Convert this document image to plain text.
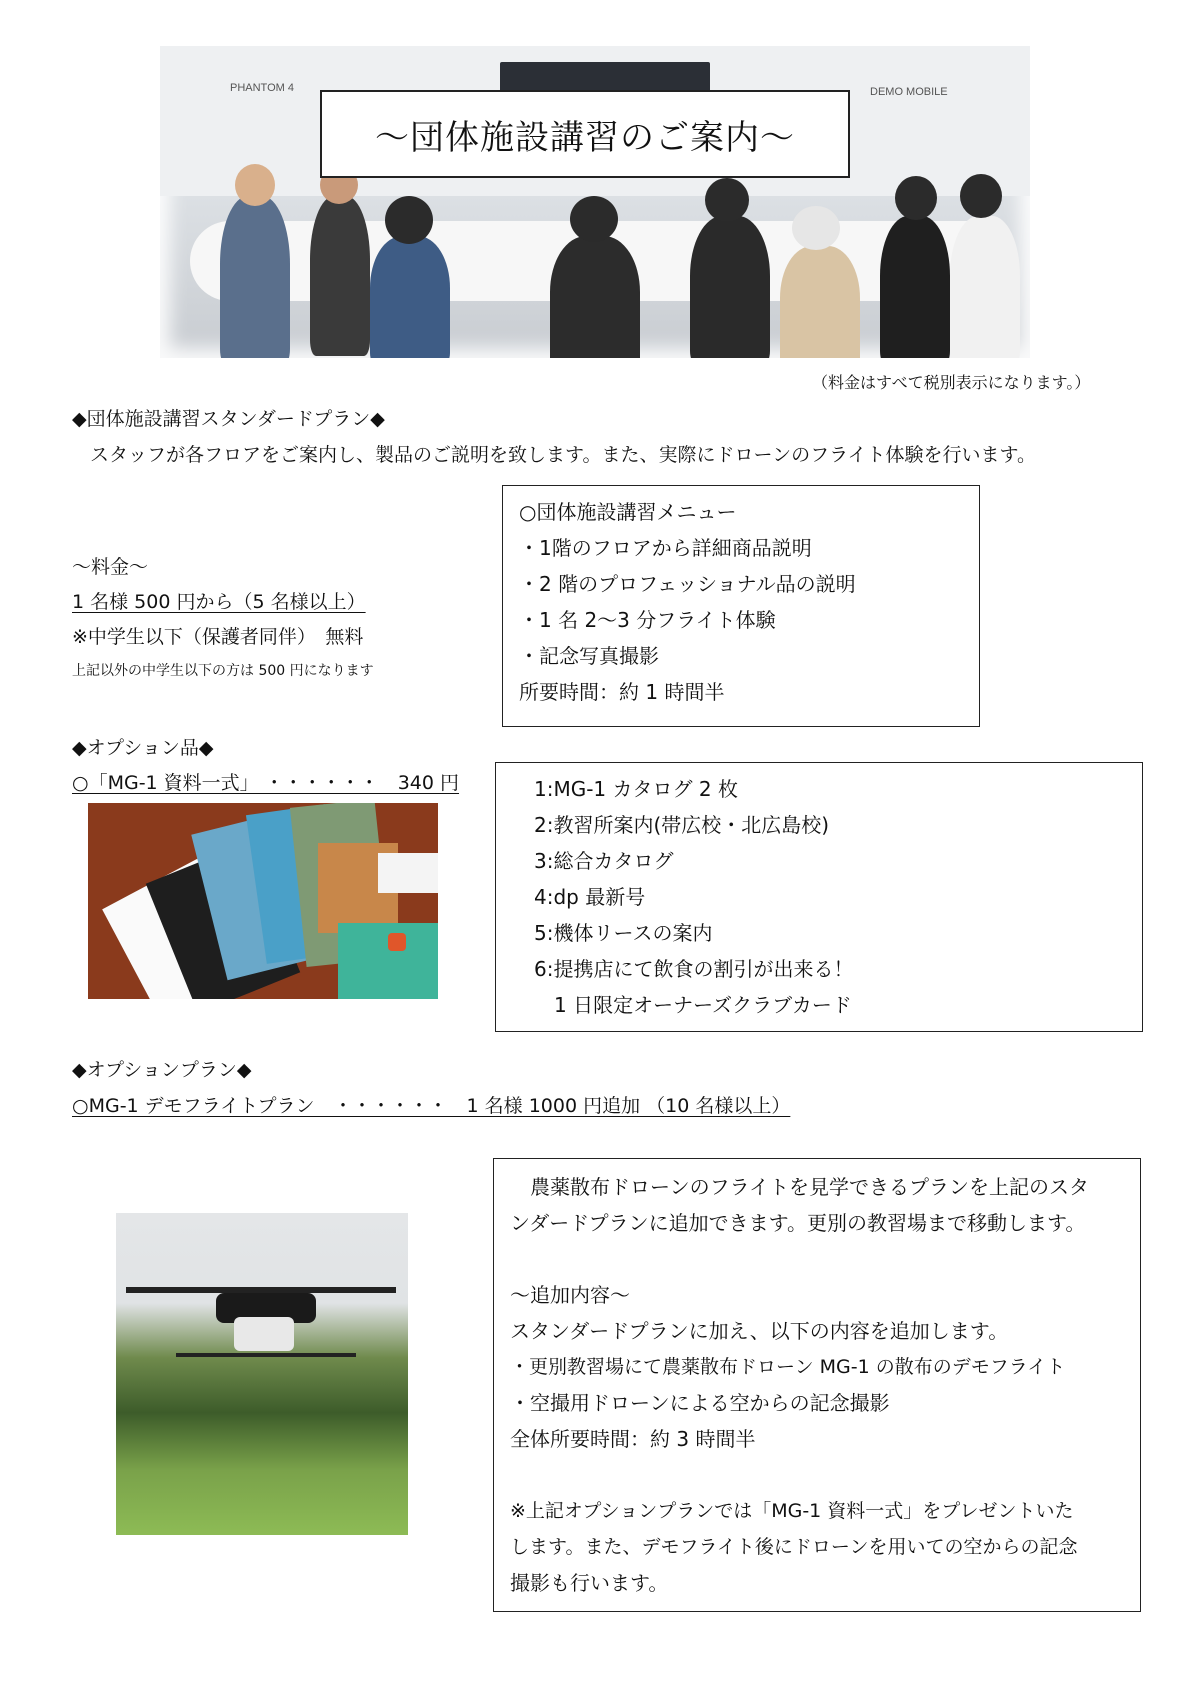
PHANTOM 4	DEMO MOBILE
～団体施設講習のご案内～
（料金はすべて税別表示になります。）
◆団体施設講習スタンダードプラン◆
スタッフが各フロアをご案内し、製品のご説明を致します。また、実際にドローンのフライト体験を行います。
～料金～
1 名様 500 円から（5 名様以上）
※中学生以下（保護者同伴）　無料
上記以外の中学生以下の方は 500 円になります
○団体施設講習メニュー
・1階のフロアから詳細商品説明
・2 階のプロフェッショナル品の説明
・1 名 2～3 分フライト体験
・記念写真撮影
所要時間：約 1 時間半
◆オプション品◆
○「MG-1 資料一式」 ・・・・・・　340 円	1:MG-1 カタログ 2 枚
2:教習所案内(帯広校・北広島校)
3:総合カタログ
4:dp 最新号
5:機体リースの案内
6:提携店にて飲食の割引が出来る！
　1 日限定オーナーズクラブカード
◆オプションプラン◆
○MG-1 デモフライトプラン　・・・・・・　1 名様 1000 円追加 （10 名様以上）
　農薬散布ドローンのフライトを見学できるプランを上記のスタ
ンダードプランに追加できます。更別の教習場まで移動します。
～追加内容～
スタンダードプランに加え、以下の内容を追加します。
・更別教習場にて農薬散布ドローン MG-1 の散布のデモフライト
・空撮用ドローンによる空からの記念撮影
全体所要時間：約 3 時間半
※上記オプションプランでは「MG-1 資料一式」をプレゼントいた
します。また、デモフライト後にドローンを用いての空からの記念
撮影も行います。
